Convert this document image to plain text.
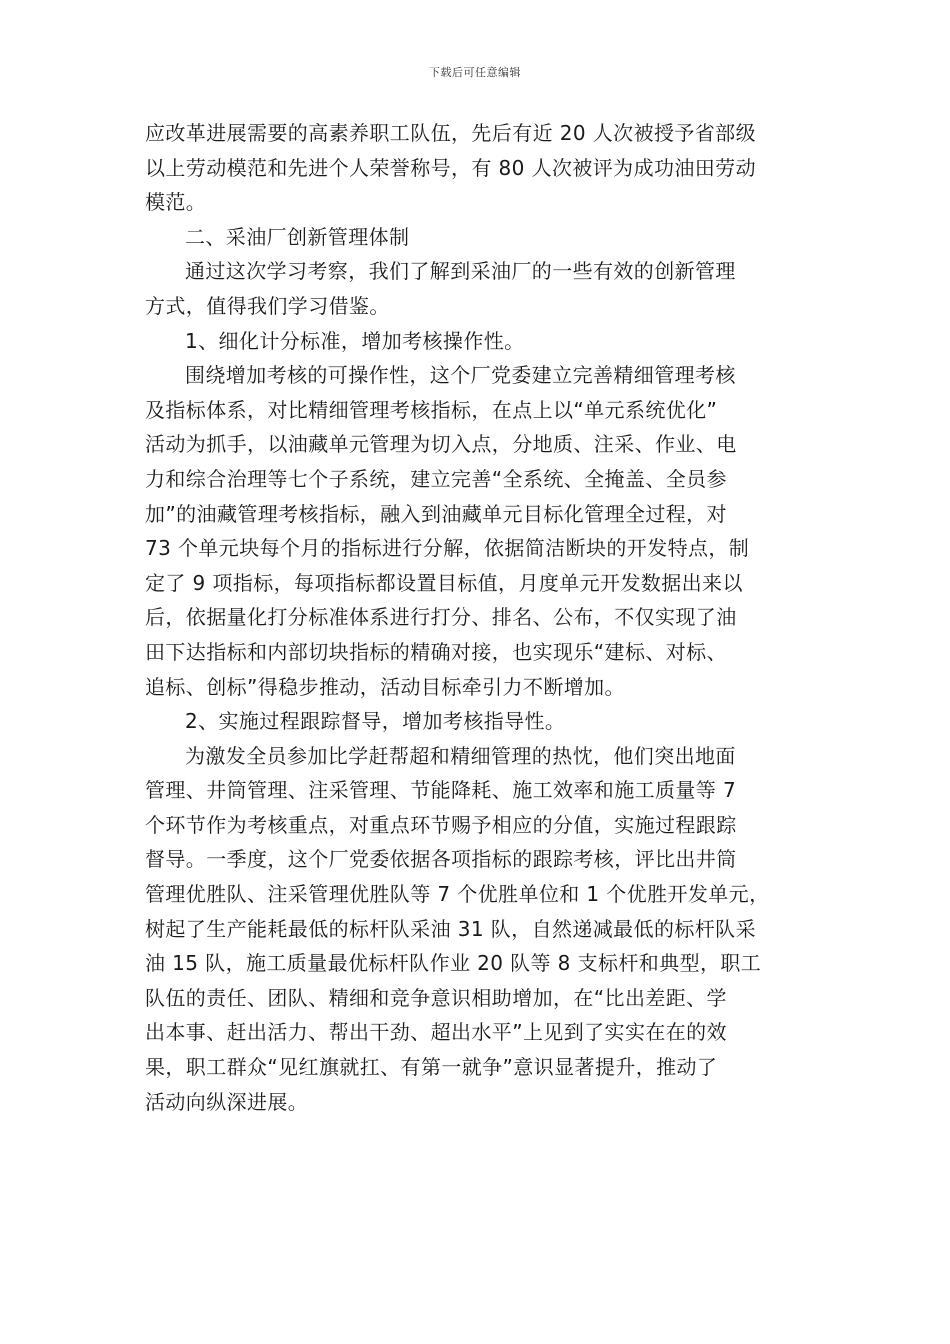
下载后可任意编辑
应改革进展需要的高素养职工队伍，先后有近 20 人次被授予省部级
以上劳动模范和先进个人荣誉称号，有 80 人次被评为成功油田劳动
模范。
二、采油厂创新管理体制
通过这次学习考察，我们了解到采油厂的一些有效的创新管理
方式，值得我们学习借鉴。
1、细化计分标准，增加考核操作性。
围绕增加考核的可操作性，这个厂党委建立完善精细管理考核
及指标体系，对比精细管理考核指标，在点上以“单元系统优化”
活动为抓手，以油藏单元管理为切入点，分地质、注采、作业、电
力和综合治理等七个子系统，建立完善“全系统、全掩盖、全员参
加”的油藏管理考核指标，融入到油藏单元目标化管理全过程，对
73 个单元块每个月的指标进行分解，依据简洁断块的开发特点，制
定了 9 项指标，每项指标都设置目标值，月度单元开发数据出来以
后，依据量化打分标准体系进行打分、排名、公布，不仅实现了油
田下达指标和内部切块指标的精确对接，也实现乐“建标、对标、
追标、创标”得稳步推动，活动目标牵引力不断增加。
2、实施过程跟踪督导，增加考核指导性。
为激发全员参加比学赶帮超和精细管理的热忱，他们突出地面
管理、井筒管理、注采管理、节能降耗、施工效率和施工质量等 7
个环节作为考核重点，对重点环节赐予相应的分值，实施过程跟踪
督导。一季度，这个厂党委依据各项指标的跟踪考核，评比出井筒
管理优胜队、注采管理优胜队等 7 个优胜单位和 1 个优胜开发单元，
树起了生产能耗最低的标杆队采油 31 队，自然递减最低的标杆队采
油 15 队，施工质量最优标杆队作业 20 队等 8 支标杆和典型，职工
队伍的责任、团队、精细和竞争意识相助增加，在“比出差距、学
出本事、赶出活力、帮出干劲、超出水平”上见到了实实在在的效
果，职工群众“见红旗就扛、有第一就争”意识显著提升，推动了
活动向纵深进展。
